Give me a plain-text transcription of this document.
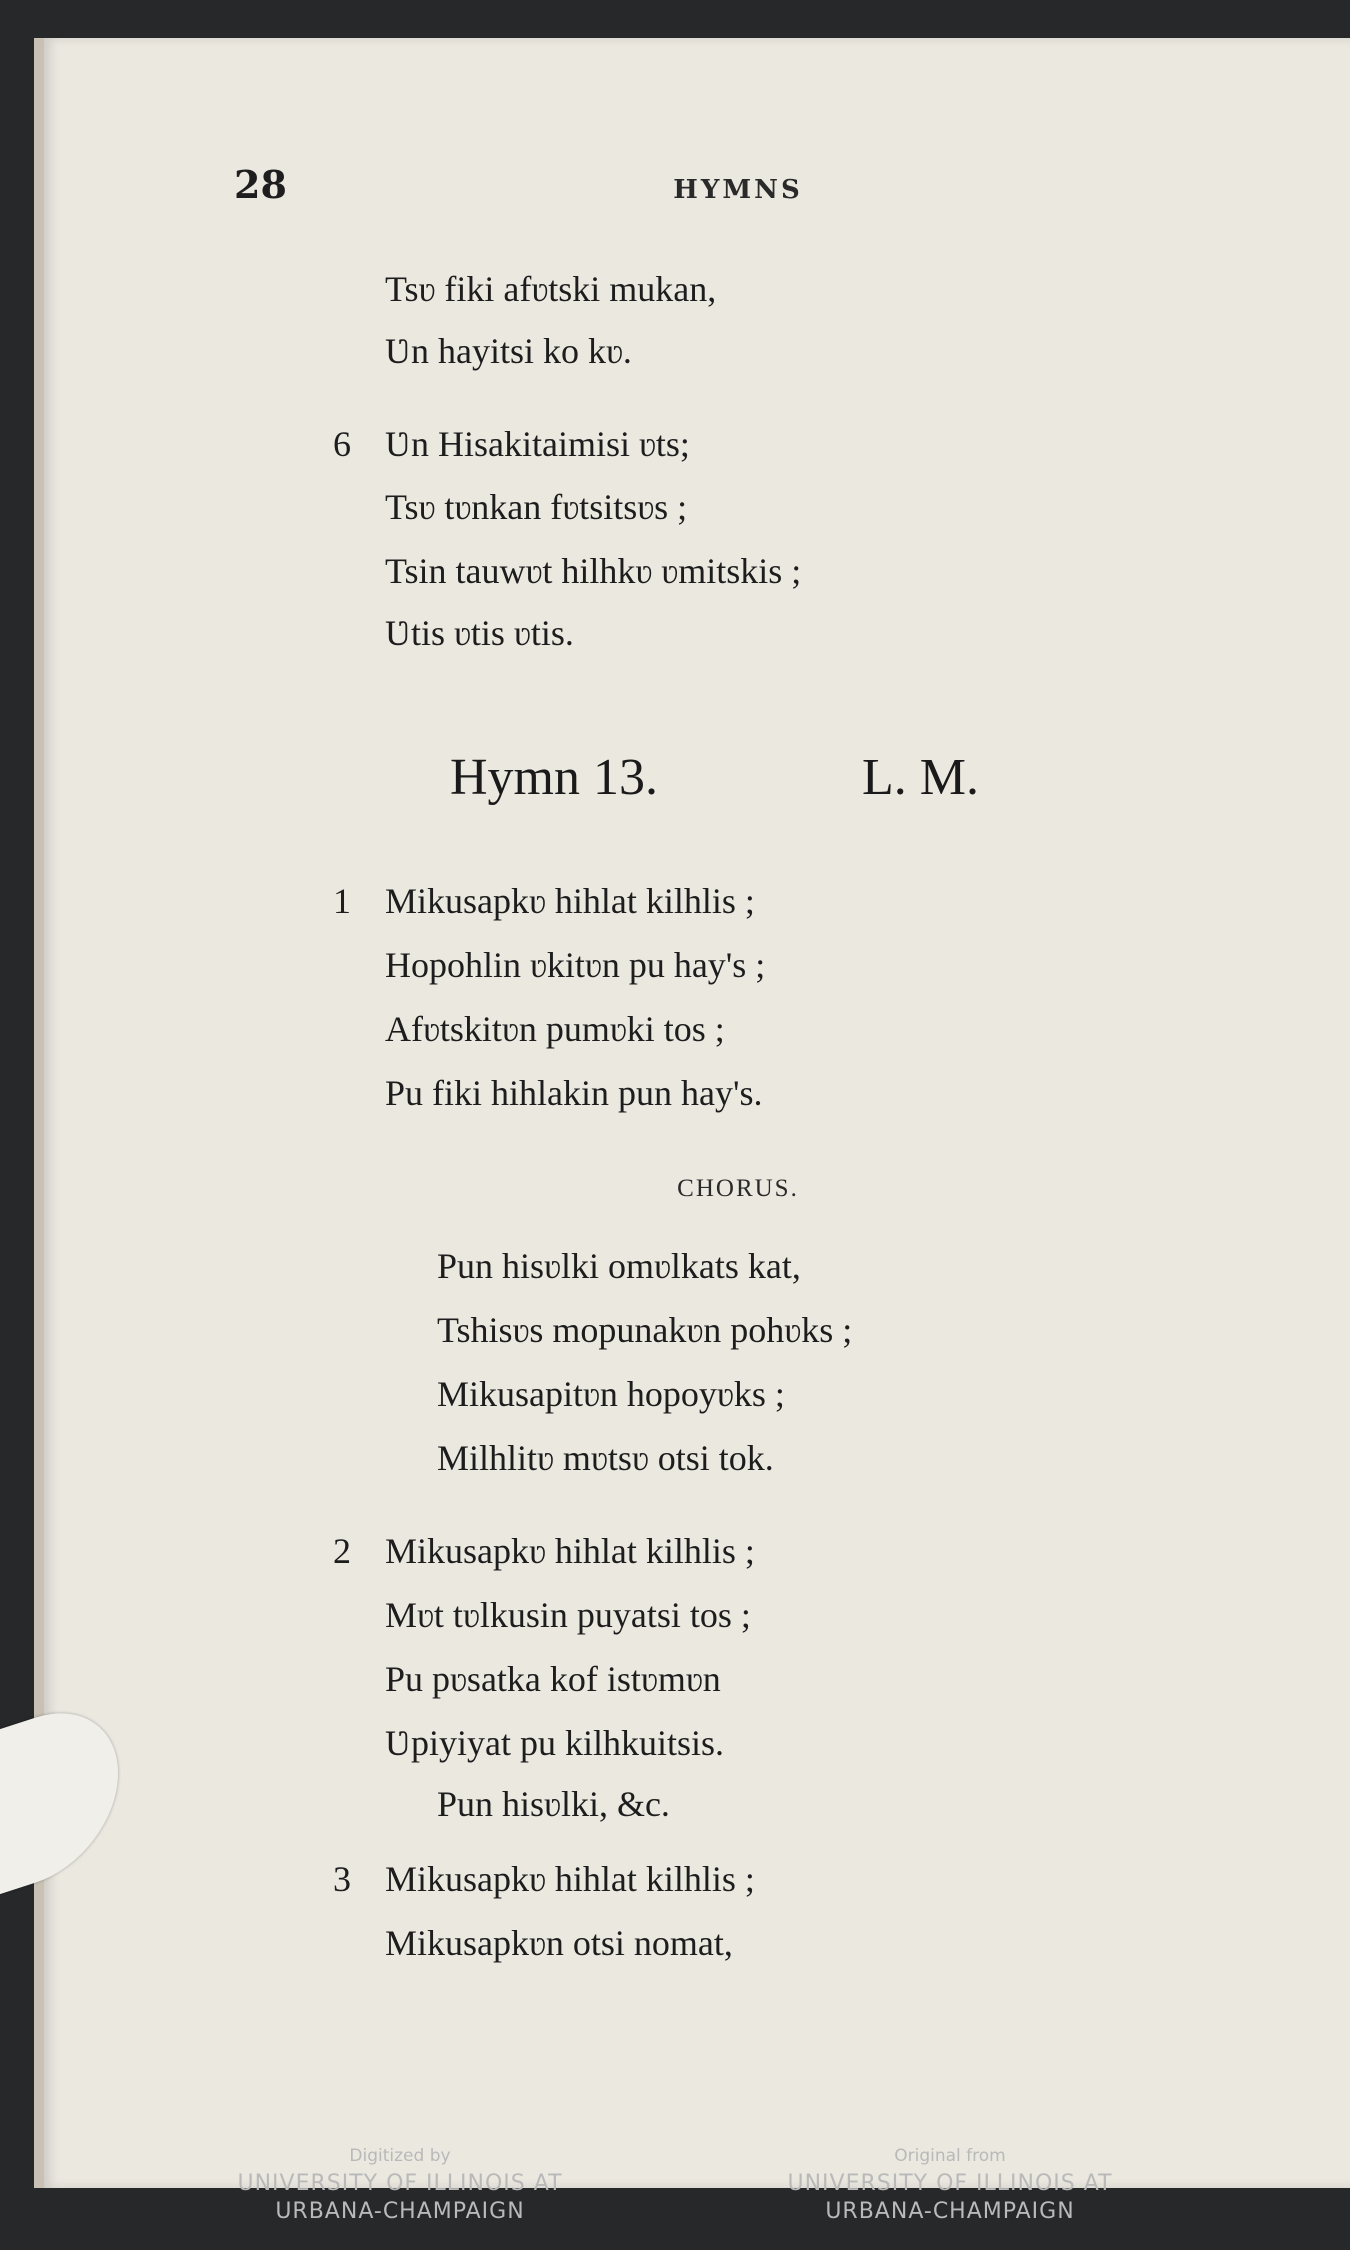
28	HYMNS
Tsʋ fiki afʋtski mukan,
Ʋn hayitsi ko kʋ.
6 Ʋn Hisakitaimisi ʋts;
Tsʋ tʋnkan fʋtsitsʋs ;
Tsin tauwʋt hilhkʋ ʋmitskis ;
Ʋtis ʋtis ʋtis.
Hymn 13.	L. M.
1 Mikusapkʋ hihlat kilhlis ;
Hopohlin ʋkitʋn pu hay's ;
Afʋtskitʋn pumʋki tos ;
Pu fiki hihlakin pun hay's.
CHORUS.
Pun hisʋlki omʋlkats kat,
Tshisʋs mopunakʋn pohʋks ;
Mikusapitʋn hopoyʋks ;
Milhlitʋ mʋtsʋ otsi tok.
2 Mikusapkʋ hihlat kilhlis ;
Mʋt tʋlkusin puyatsi tos ;
Pu pʋsatka kof istʋmʋn
Ʋpiyiyat pu kilhkuitsis.
Pun hisʋlki, &c.
3 Mikusapkʋ hihlat kilhlis ;
Mikusapkʋn otsi nomat,
Digitized by
UNIVERSITY OF ILLINOIS AT
URBANA-CHAMPAIGN
Original from
UNIVERSITY OF ILLINOIS AT
URBANA-CHAMPAIGN
